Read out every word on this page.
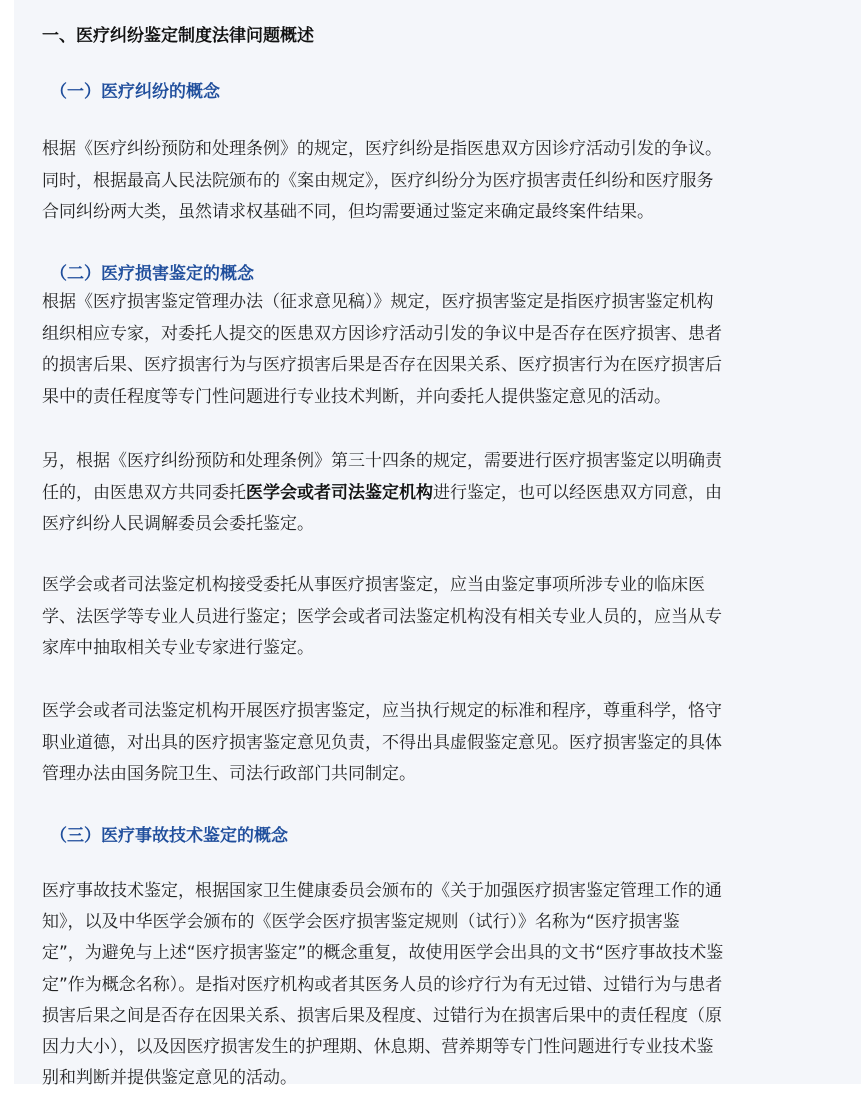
一、医疗纠纷鉴定制度法律问题概述
（一）医疗纠纷的概念

根据《医疗纠纷预防和处理条例》的规定，医疗纠纷是指医患双方因诊疗活动引发的争议。
同时，根据最高人民法院颁布的《案由规定》，医疗纠纷分为医疗损害责任纠纷和医疗服务
合同纠纷两大类，虽然请求权基础不同，但均需要通过鉴定来确定最终案件结果。

（二）医疗损害鉴定的概念

根据《医疗损害鉴定管理办法（征求意见稿）》规定，医疗损害鉴定是指医疗损害鉴定机构
组织相应专家，对委托人提交的医患双方因诊疗活动引发的争议中是否存在医疗损害、患者
的损害后果、医疗损害行为与医疗损害后果是否存在因果关系、医疗损害行为在医疗损害后
果中的责任程度等专门性问题进行专业技术判断，并向委托人提供鉴定意见的活动。

另，根据《医疗纠纷预防和处理条例》第三十四条的规定，需要进行医疗损害鉴定以明确责
任的，由医患双方共同委托医学会或者司法鉴定机构进行鉴定，也可以经医患双方同意，由
医疗纠纷人民调解委员会委托鉴定。

医学会或者司法鉴定机构接受委托从事医疗损害鉴定，应当由鉴定事项所涉专业的临床医
学、法医学等专业人员进行鉴定；医学会或者司法鉴定机构没有相关专业人员的，应当从专
家库中抽取相关专业专家进行鉴定。

医学会或者司法鉴定机构开展医疗损害鉴定，应当执行规定的标准和程序，尊重科学，恪守
职业道德，对出具的医疗损害鉴定意见负责，不得出具虚假鉴定意见。医疗损害鉴定的具体
管理办法由国务院卫生、司法行政部门共同制定。

（三）医疗事故技术鉴定的概念

医疗事故技术鉴定，根据国家卫生健康委员会颁布的《关于加强医疗损害鉴定管理工作的通
知》，以及中华医学会颁布的《医学会医疗损害鉴定规则（试行）》名称为“医疗损害鉴
定”，为避免与上述“医疗损害鉴定”的概念重复，故使用医学会出具的文书“医疗事故技术鉴
定”作为概念名称）。是指对医疗机构或者其医务人员的诊疗行为有无过错、过错行为与患者
损害后果之间是否存在因果关系、损害后果及程度、过错行为在损害后果中的责任程度（原
因力大小），以及因医疗损害发生的护理期、休息期、营养期等专门性问题进行专业技术鉴
别和判断并提供鉴定意见的活动。
